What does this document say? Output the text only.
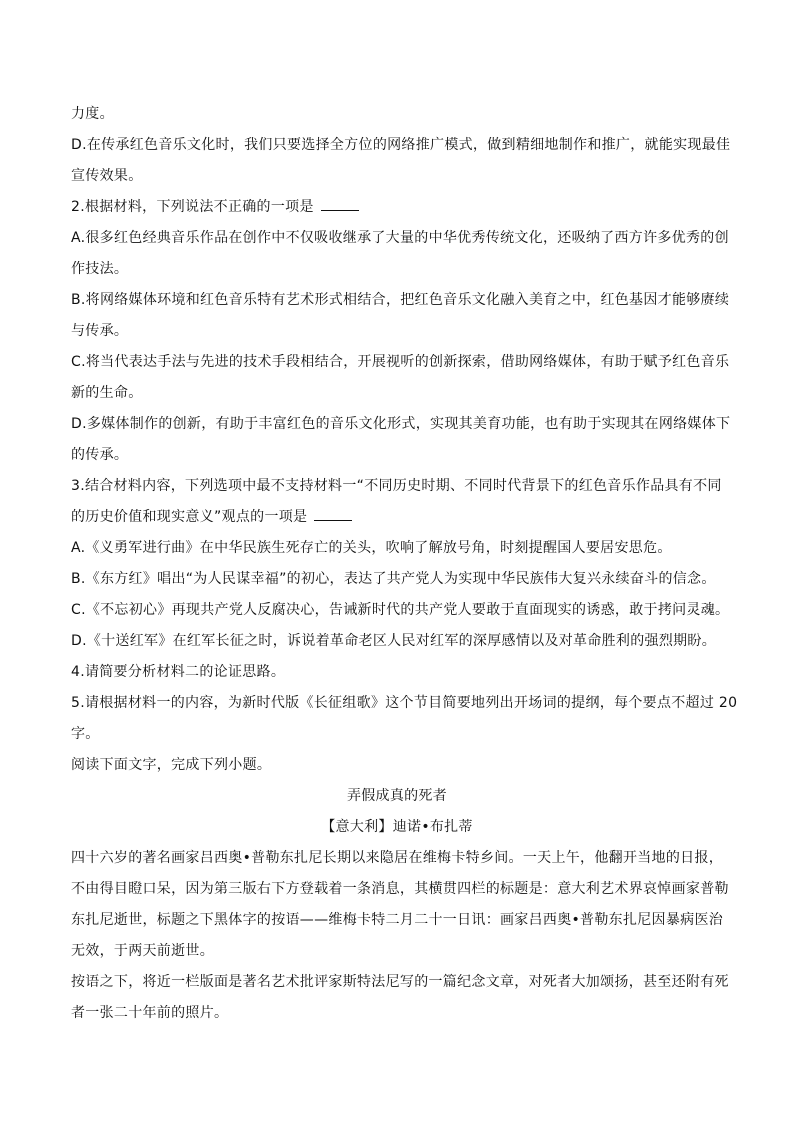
力度。

D.在传承红色音乐文化时，我们只要选择全方位的网络推广模式，做到精细地制作和推广，就能实现最佳

宣传效果。

2.根据材料，下列说法不正确的一项是

A.很多红色经典音乐作品在创作中不仅吸收继承了大量的中华优秀传统文化，还吸纳了西方许多优秀的创

作技法。

B.将网络媒体环境和红色音乐特有艺术形式相结合，把红色音乐文化融入美育之中，红色基因才能够赓续

与传承。

C.将当代表达手法与先进的技术手段相结合，开展视听的创新探索，借助网络媒体，有助于赋予红色音乐

新的生命。

D.多媒体制作的创新，有助于丰富红色的音乐文化形式，实现其美育功能，也有助于实现其在网络媒体下

的传承。

3.结合材料内容，下列选项中最不支持材料一“不同历史时期、不同时代背景下的红色音乐作品具有不同

的历史价值和现实意义”观点的一项是

A.《义勇军进行曲》在中华民族生死存亡的关头，吹响了解放号角，时刻提醒国人要居安思危。

B.《东方红》唱出“为人民谋幸福”的初心，表达了共产党人为实现中华民族伟大复兴永续奋斗的信念。

C.《不忘初心》再现共产党人反腐决心，告诫新时代的共产党人要敢于直面现实的诱惑，敢于拷问灵魂。

D.《十送红军》在红军长征之时，诉说着革命老区人民对红军的深厚感情以及对革命胜利的强烈期盼。

4.请简要分析材料二的论证思路。

5.请根据材料一的内容，为新时代版《长征组歌》这个节目简要地列出开场词的提纲，每个要点不超过 20

字。

阅读下面文字，完成下列小题。

弄假成真的死者

【意大利】迪诺•布扎蒂

四十六岁的著名画家吕西奥•普勒东扎尼长期以来隐居在维梅卡特乡间。一天上午，他翻开当地的日报，

不由得目瞪口呆，因为第三版右下方登载着一条消息，其横贯四栏的标题是：意大利艺术界哀悼画家普勒

东扎尼逝世，标题之下黑体字的按语——维梅卡特二月二十一日讯：画家吕西奥•普勒东扎尼因暴病医治

无效，于两天前逝世。

按语之下，将近一栏版面是著名艺术批评家斯特法尼写的一篇纪念文章，对死者大加颂扬，甚至还附有死

者一张二十年前的照片。
